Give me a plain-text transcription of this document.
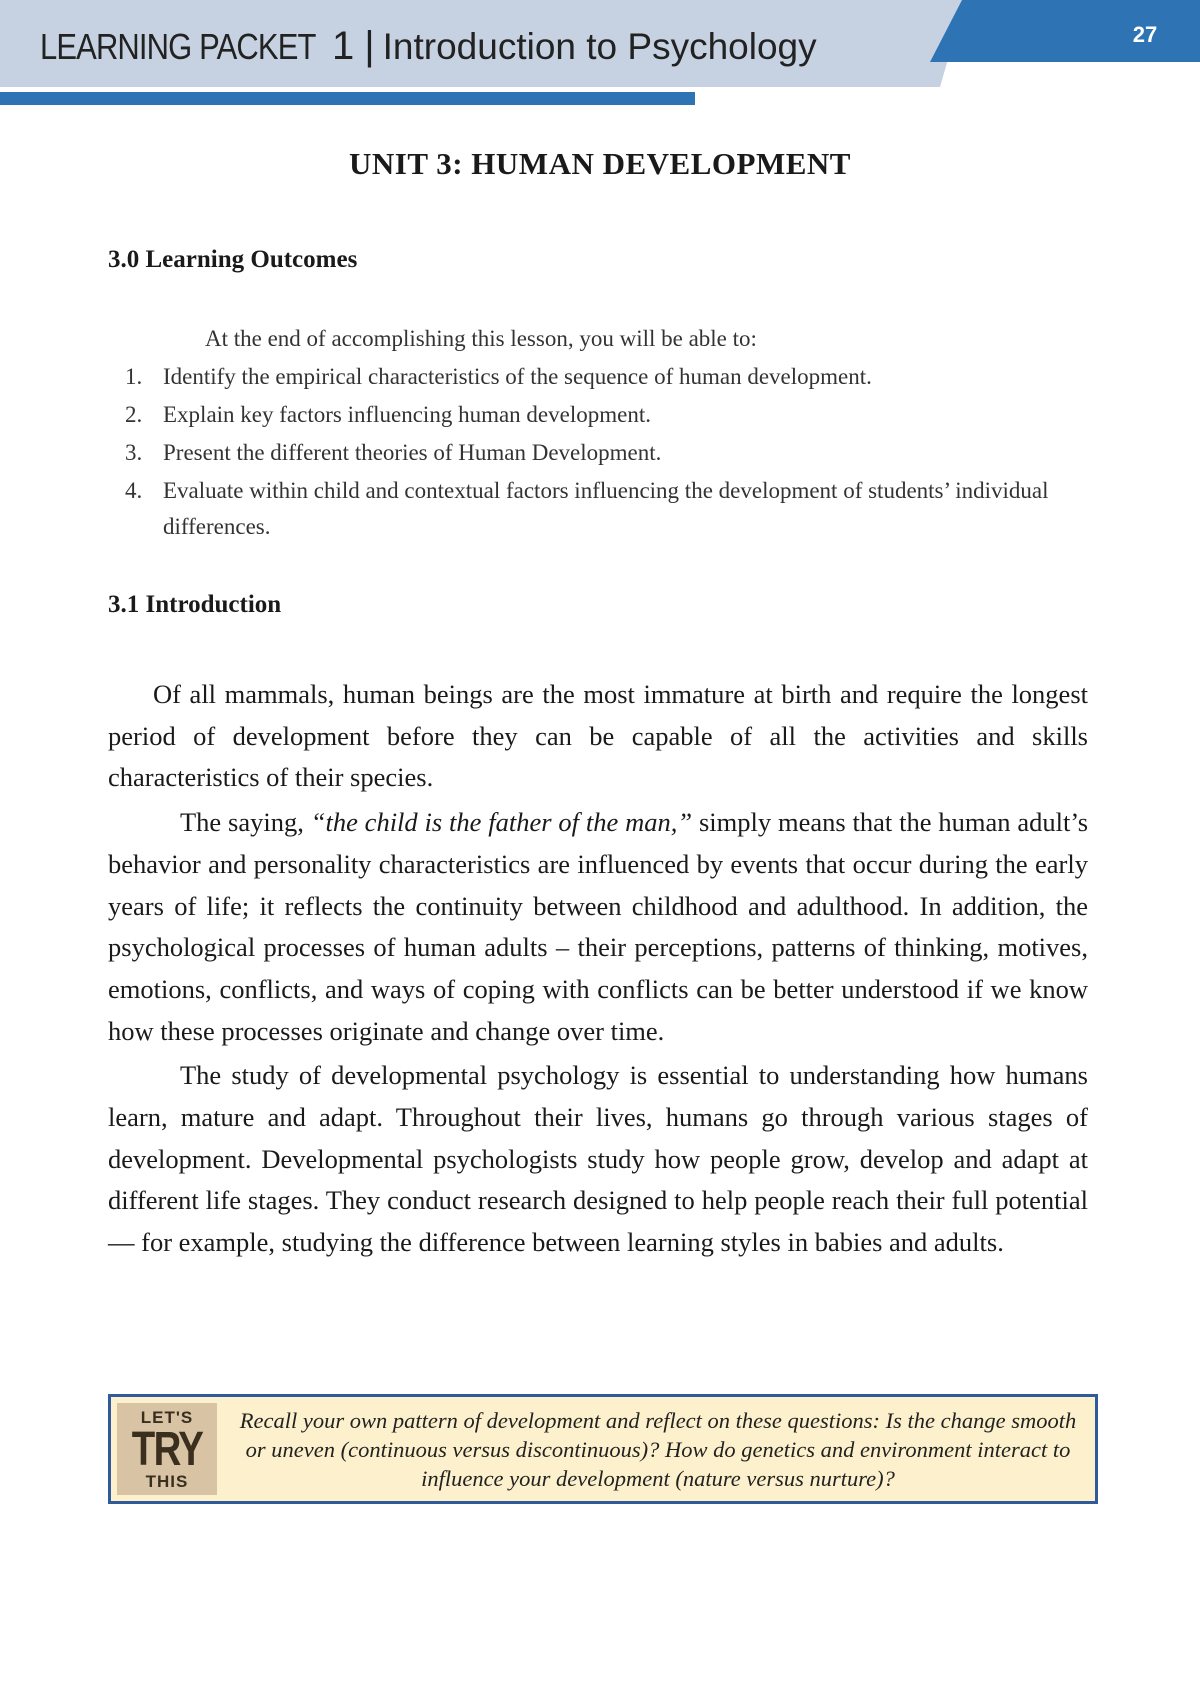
LEARNING PACKET 1 | Introduction to Psychology	27
UNIT 3: HUMAN DEVELOPMENT
3.0 Learning Outcomes
At the end of accomplishing this lesson, you will be able to:
1. Identify the empirical characteristics of the sequence of human development.
2. Explain key factors influencing human development.
3. Present the different theories of Human Development.
4. Evaluate within child and contextual factors influencing the development of students’ individual differences.
3.1 Introduction

Of all mammals, human beings are the most immature at birth and require the longest period of development before they can be capable of all the activities and skills characteristics of their species.

The saying, “the child is the father of the man,” simply means that the human adult’s behavior and personality characteristics are influenced by events that occur during the early years of life; it reflects the continuity between childhood and adulthood. In addition, the psychological processes of human adults – their perceptions, patterns of thinking, motives, emotions, conflicts, and ways of coping with conflicts can be better understood if we know how these processes originate and change over time.

The study of developmental psychology is essential to understanding how humans learn, mature and adapt. Throughout their lives, humans go through various stages of development. Developmental psychologists study how people grow, develop and adapt at different life stages. They conduct research designed to help people reach their full potential — for example, studying the difference between learning styles in babies and adults.

LET'S
TRY
THIS
Recall your own pattern of development and reflect on these questions: Is the change smooth or uneven (continuous versus discontinuous)? How do genetics and environment interact to influence your development (nature versus nurture)?
